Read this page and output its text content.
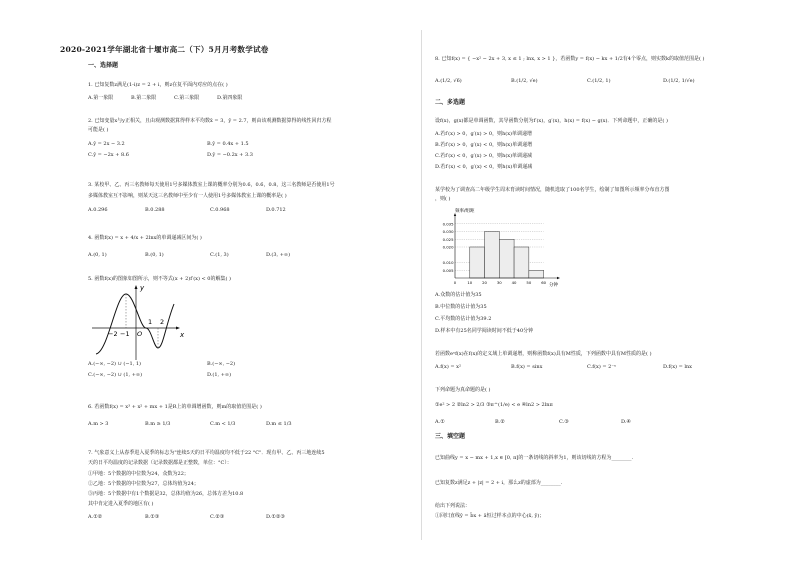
2020-2021学年湖北省十堰市高二（下）5月月考数学试卷
一、选择题
1. 已知复数z满足(1-i)z = 2 + i，则z在复平面内对应的点在( )
A.第一象限	B.第二象限	C.第三象限	D.第四象限
2. 已知变量x与y正相关，且由观测数据算得样本平均数x̄ = 3，ȳ = 2.7，则由该观测数据算得的线性回归方程
可能是( )
A.ŷ = 2x − 3.2	B.ŷ = 0.4x + 1.5
C.ŷ = −2x + 8.6	D.ŷ = −0.2x + 3.3
3. 某校甲、乙、丙三名教师每天使用1号多媒体教室上课的概率分别为0.6，0.6，0.8，这三名教师是否使用1号
多媒体教室互不影响，则某天这三名教师中至少有一人使用1号多媒体教室上课的概率是( )
A.0.296	B.0.288	C.0.968	D.0.712
4. 函数f(x) = x + 4/x + 2lnx的单调递减区间为( )
A.(0, 1)	B.(0, 1)	C.(1, 3)	D.(3, +∞)
5. 函数f(x)的图象如图所示，则不等式(x + 2)f′(x) < 0的解集( )
y
x
−2 −1 O
1 2
A.(−∞, −2) ∪ (−1, 1)	B.(−∞, −2)
C.(−∞, −2) ∪ (1, +∞)	D.(1, +∞)
6. 若函数f(x) = x³ + x² + mx + 1是R上的单调增函数，则m的取值范围是( )
A.m > 3	B.m ≥ 1/3	C.m < 1/3	D.m ≤ 1/3
7. 气象意义上从春季进入夏季的标志为"连续5天的日平均温度均不低于22 °C"．现有甲、乙、丙三地连续5
天的日平均温度的记录数据（记录数据都是正整数，单位：°C）：
①甲地：5个数据的中位数为24，众数为22；
②乙地：5个数据的中位数为27，总体均值为24；
③丙地：5个数据中有1个数据是32，总体均值为26，总体方差为10.8
其中肯定进入夏季的地区有( )
A.①②	B.①③	C.②③	D.①②③
8. 已知f(x) = { −x² − 2x + 3, x ≤ 1 ; lnx, x > 1 }，若函数y = f(x) − kx + 1/2有4个零点，则实数k的取值范围是( )
A.(1/2, √6)	B.(1/2, √e)	C.(1/2, 1)	D.(1/2, 1/√e)
二、多选题
设f(x)，g(x)都是单调函数，其导函数分别为f′(x)，g′(x)，h(x) = f(x) − g(x)．下列命题中，正确的是( )
A.若f′(x) > 0，g′(x) > 0，则h(x)单调递增
B.若f′(x) > 0，g′(x) < 0，则h(x)单调递增
C.若f′(x) < 0，g′(x) > 0，则h(x)单调递减
D.若f′(x) < 0，g′(x) < 0，则h(x)单调递减
某学校为了调查高二年级学生周末育读时间情况，随机选取了100名学生，绘制了如图所示频率分布直方图
，则( )
0.005
0.010
0.020
0.025
0.030
0.035
0	10	20	30	40	50	60
频率/组距
分钟
A.众数的估计值为35
B.中位数的估计值为35
C.平均数的估计值为39.2
D.样本中有25名同学阅读时间不低于40分钟
若函数eˣf(x)在f(x)的定义域上单调递增，则称函数f(x)具有M性质，下列函数中具有M性质的是( )
A.f(x) = x²	B.f(x) = sinx	C.f(x) = 2⁻ˣ	D.f(x) = lnx
下列命题为真命题的是( )
①e² > 2 ②ln2 > 2/3 ③π^(1/e) < e ④ln2 > 2lnπ
A.①	B.②	C.③	D.④
三、填空题
已知曲线y = x − mx + 1,x ∈ [0, π]的一条切线的斜率为1，则该切线的方程为________.
已知复数z满足z + |z| = 2 + i，那么z的虚部为________.
给出下列说法：
①回归直线ŷ = b̂x + â恒过样本点的中心(x̄, ȳ)；
